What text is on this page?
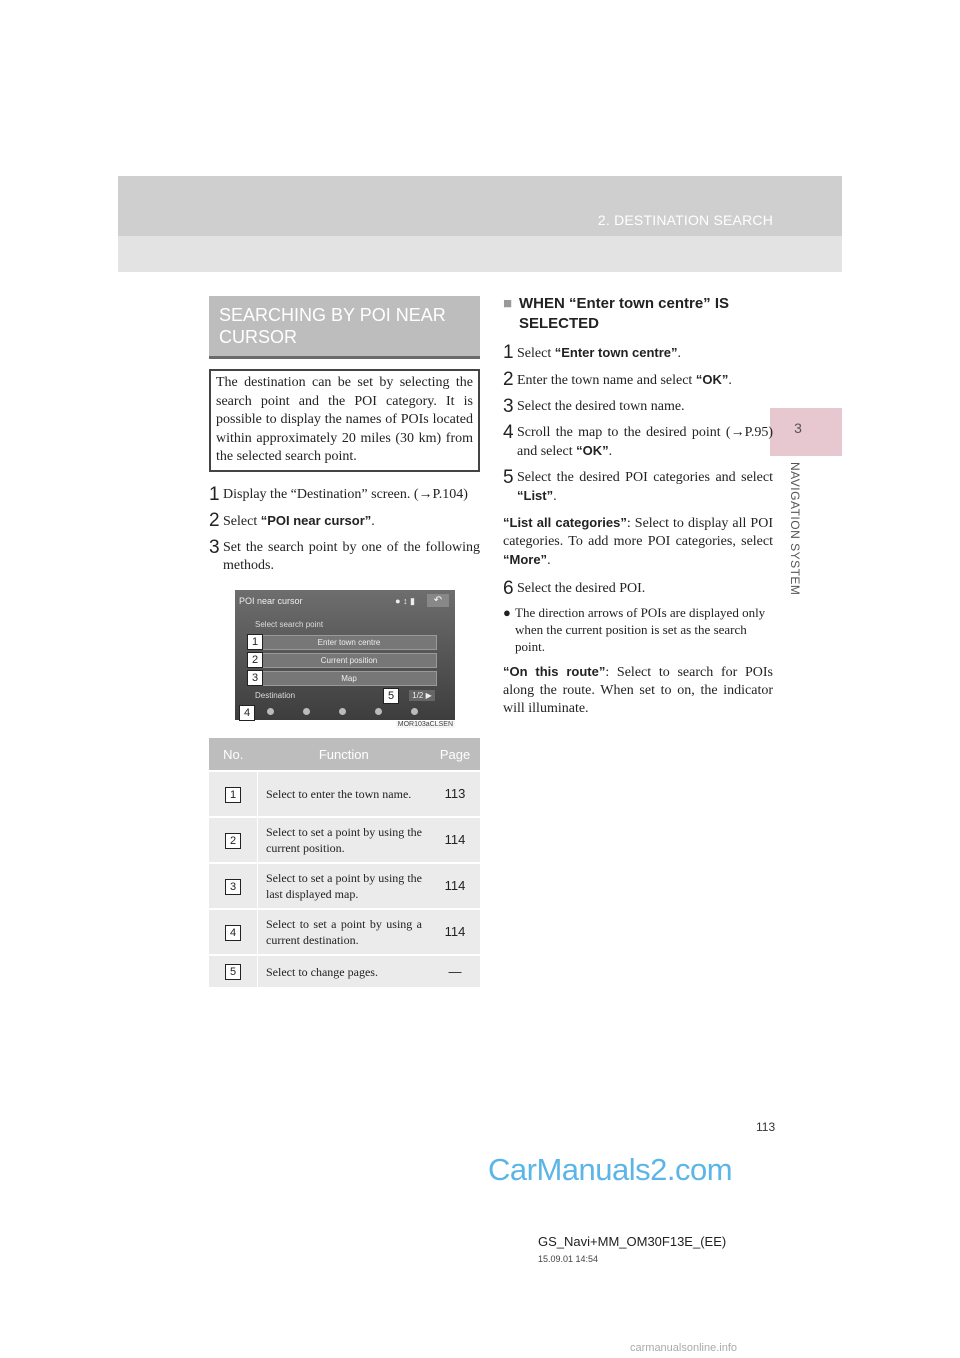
2. DESTINATION SEARCH
3
NAVIGATION SYSTEM
SEARCHING BY POI NEAR CURSOR
The destination can be set by selecting the search point and the POI category. It is possible to display the names of POIs located within approximately 20 miles (30 km) from the selected search point.
1 Display the “Destination” screen. (→P.104)
2 Select “POI near cursor”.
3 Set the search point by one of the following methods.
POI near cursor	● ↕ ▮	↶
Select search point
Enter town centre
Current position
Map
1
2
3
Destination	5	1/2 ▶
4
MOR103aCLSEN
No.	Function	Page
1	Select to enter the town name.	113
2	Select to set a point by using the current position.	114
3	Select to set a point by using the last displayed map.	114
4	Select to set a point by using a current destination.	114
5	Select to change pages.	—
■ WHEN “Enter town centre” IS SELECTED
1 Select “Enter town centre”.
2 Enter the town name and select “OK”.
3 Select the desired town name.
4 Scroll the map to the desired point (→P.95) and select “OK”.
5 Select the desired POI categories and select “List”.
“List all categories”: Select to display all POI categories. To add more POI categories, select “More”.
6 Select the desired POI.
● The direction arrows of POIs are displayed only when the current position is set as the search point.
“On this route”: Select to search for POIs along the route. When set to on, the indicator will illuminate.
113
CarManuals2.com
GS_Navi+MM_OM30F13E_(EE)
15.09.01 14:54
carmanualsonline.info
